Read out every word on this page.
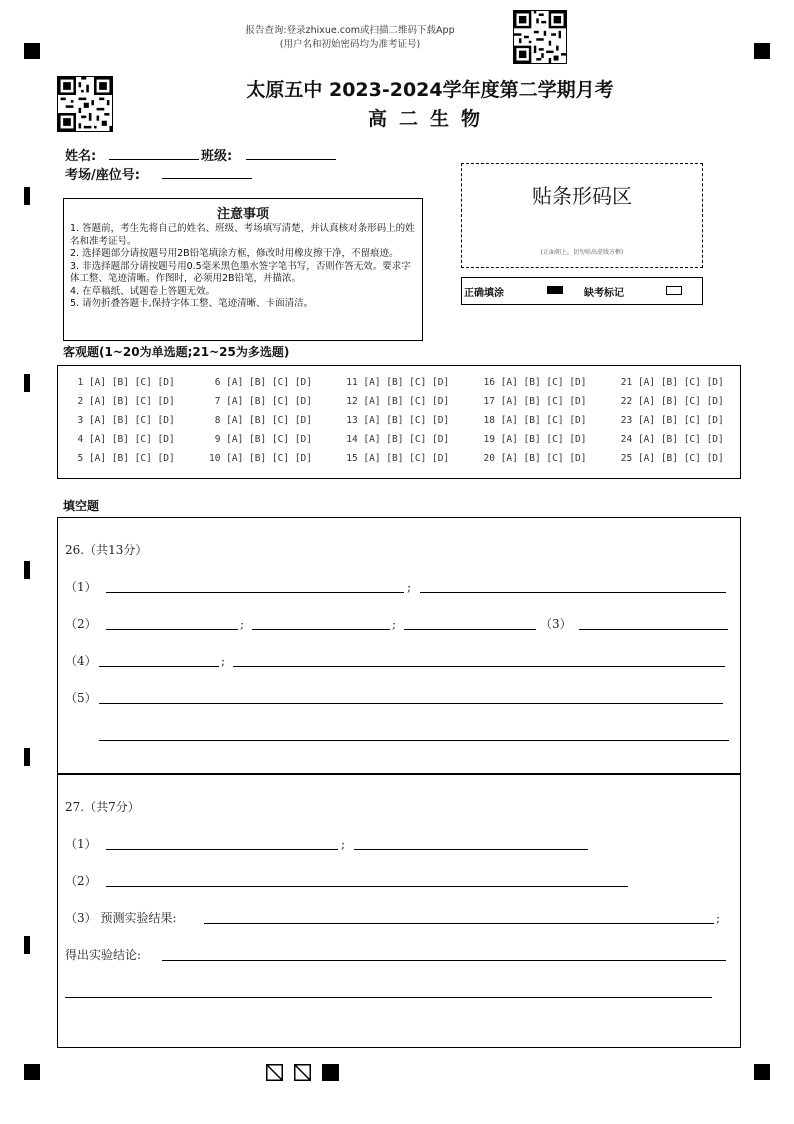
报告查询:登录zhixue.com或扫描二维码下载App
(用户名和初始密码均为准考证号)
太原五中 2023-2024学年度第二学期月考
高二生物
姓名:	班级:
考场/座位号:
注意事项
1. 答题前，考生先将自己的姓名、班级、考场填写清楚，并认真核对条形码上的姓名和准考证号。
2. 选择题部分请按题号用2B铅笔填涂方框，修改时用橡皮擦干净，不留痕迹。
3. 非选择题部分请按题号用0.5毫米黑色墨水签字笔书写，否则作答无效。要求字体工整、笔迹清晰。作图时，必须用2B铅笔，并描浓。
4. 在草稿纸、试题卷上答题无效。
5. 请勿折叠答题卡,保持字体工整、笔迹清晰、卡面清洁。
贴条形码区
(正面朝上，切勿贴出虚线方框)
正确填涂	缺考标记
客观题(1~20为单选题;21~25为多选题)
1 [A] [B] [C] [D]       6 [A] [B] [C] [D]      11 [A] [B] [C] [D]      16 [A] [B] [C] [D]      21 [A] [B] [C] [D]
2 [A] [B] [C] [D]       7 [A] [B] [C] [D]      12 [A] [B] [C] [D]      17 [A] [B] [C] [D]      22 [A] [B] [C] [D]
3 [A] [B] [C] [D]       8 [A] [B] [C] [D]      13 [A] [B] [C] [D]      18 [A] [B] [C] [D]      23 [A] [B] [C] [D]
4 [A] [B] [C] [D]       9 [A] [B] [C] [D]      14 [A] [B] [C] [D]      19 [A] [B] [C] [D]      24 [A] [B] [C] [D]
5 [A] [B] [C] [D]      10 [A] [B] [C] [D]      15 [A] [B] [C] [D]      20 [A] [B] [C] [D]      25 [A] [B] [C] [D]
填空题
26.（共13分）
（1）	;
（2）	;	;	（3）
（4）	;
（5）
27.（共7分）
（1）	;
（2）
（3） 预测实验结果:	;
得出实验结论:
